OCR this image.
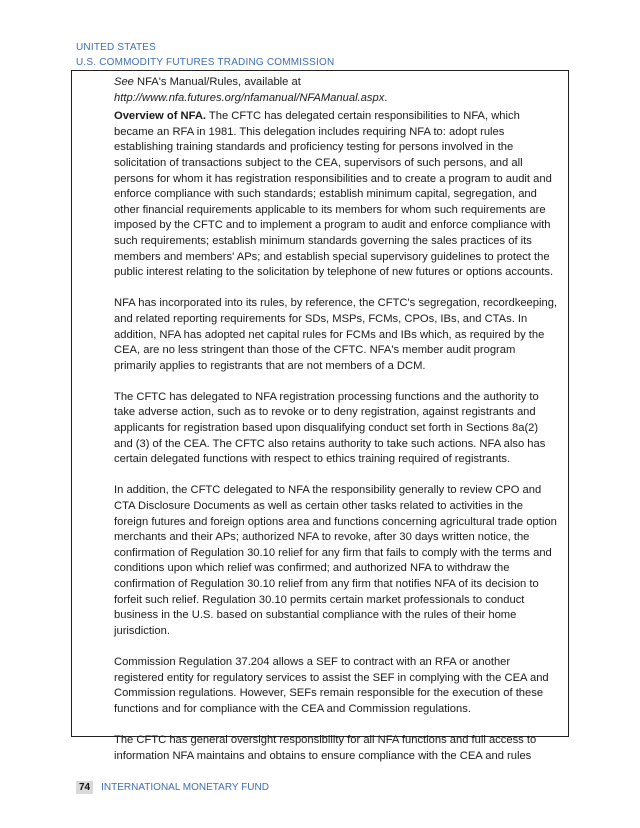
UNITED STATES
U.S. COMMODITY FUTURES TRADING COMMISSION

See NFA's Manual/Rules, available at http://www.nfa.futures.org/nfamanual/NFAManual.aspx.

Overview of NFA. The CFTC has delegated certain responsibilities to NFA, which became an RFA in 1981. This delegation includes requiring NFA to: adopt rules establishing training standards and proficiency testing for persons involved in the solicitation of transactions subject to the CEA, supervisors of such persons, and all persons for whom it has registration responsibilities and to create a program to audit and enforce compliance with such standards; establish minimum capital, segregation, and other financial requirements applicable to its members for whom such requirements are imposed by the CFTC and to implement a program to audit and enforce compliance with such requirements; establish minimum standards governing the sales practices of its members and members' APs; and establish special supervisory guidelines to protect the public interest relating to the solicitation by telephone of new futures or options accounts.

NFA has incorporated into its rules, by reference, the CFTC's segregation, recordkeeping, and related reporting requirements for SDs, MSPs, FCMs, CPOs, IBs, and CTAs. In addition, NFA has adopted net capital rules for FCMs and IBs which, as required by the CEA, are no less stringent than those of the CFTC. NFA's member audit program primarily applies to registrants that are not members of a DCM.

The CFTC has delegated to NFA registration processing functions and the authority to take adverse action, such as to revoke or to deny registration, against registrants and applicants for registration based upon disqualifying conduct set forth in Sections 8a(2) and (3) of the CEA. The CFTC also retains authority to take such actions. NFA also has certain delegated functions with respect to ethics training required of registrants.

In addition, the CFTC delegated to NFA the responsibility generally to review CPO and CTA Disclosure Documents as well as certain other tasks related to activities in the foreign futures and foreign options area and functions concerning agricultural trade option merchants and their APs; authorized NFA to revoke, after 30 days written notice, the confirmation of Regulation 30.10 relief for any firm that fails to comply with the terms and conditions upon which relief was confirmed; and authorized NFA to withdraw the confirmation of Regulation 30.10 relief from any firm that notifies NFA of its decision to forfeit such relief. Regulation 30.10 permits certain market professionals to conduct business in the U.S. based on substantial compliance with the rules of their home jurisdiction.

Commission Regulation 37.204 allows a SEF to contract with an RFA or another registered entity for regulatory services to assist the SEF in complying with the CEA and Commission regulations. However, SEFs remain responsible for the execution of these functions and for compliance with the CEA and Commission regulations.

The CFTC has general oversight responsibility for all NFA functions and full access to information NFA maintains and obtains to ensure compliance with the CEA and rules

74	INTERNATIONAL MONETARY FUND
